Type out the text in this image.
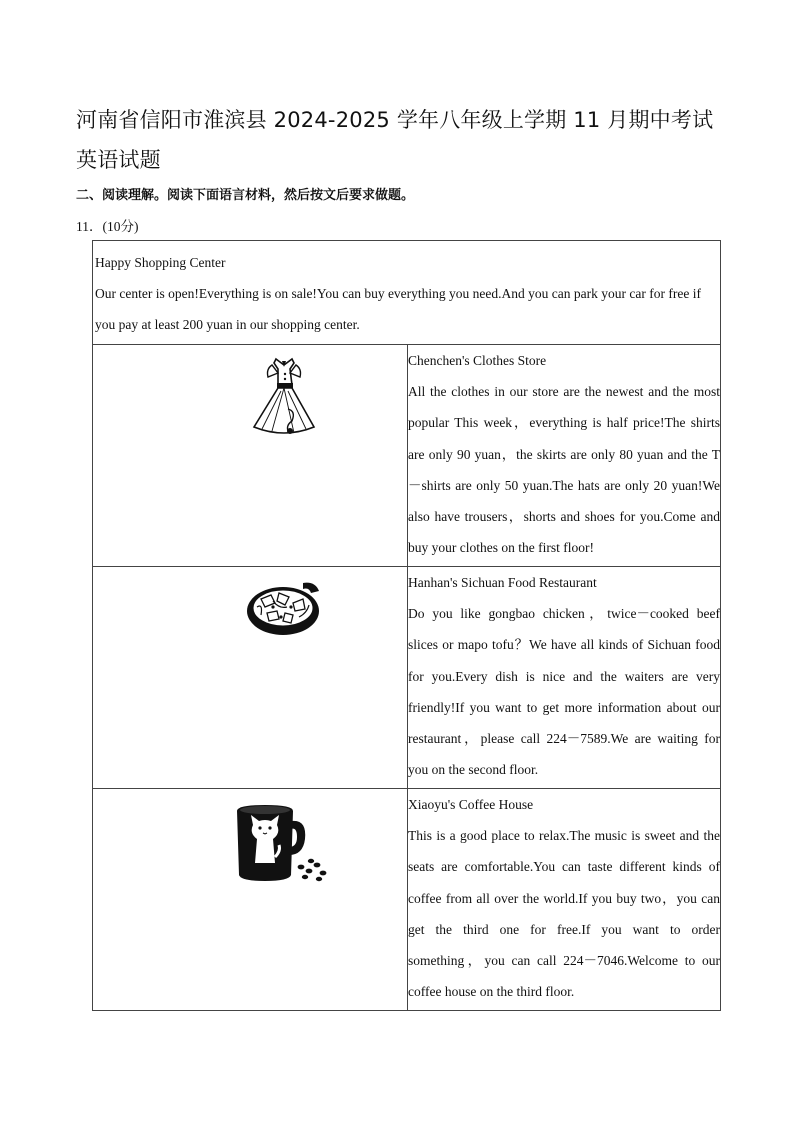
河南省信阳市淮滨县 2024-2025 学年八年级上学期 11 月期中考试英语试题
二、阅读理解。阅读下面语言材料，然后按文后要求做题。
11．(10分)
Happy Shopping Center
Our center is open!Everything is on sale!You can buy everything you need.And you can park your car for free if you pay at least 200 yuan in our shopping center.	

Chenchen's Clothes Store
All the clothes in our store are the newest and the most popular This week，everything is half price!The shirts are only 90 yuan，the skirts are only 80 yuan and the T－shirts are only 50 yuan.The hats are only 20 yuan!We also have trousers，shorts and shoes for you.Come and buy your clothes on the first floor!

Hanhan's Sichuan Food Restaurant
Do you like gongbao chicken，twice－cooked beef slices or mapo tofu？We have all kinds of Sichuan food for you.Every dish is nice and the waiters are very friendly!If you want to get more information about our restaurant，please call 224－7589.We are waiting for you on the second floor.

Xiaoyu's Coffee House
This is a good place to relax.The music is sweet and the seats are comfortable.You can taste different kinds of coffee from all over the world.If you buy two，you can get the third one for free.If you want to order something，you can call 224－7046.Welcome to our coffee house on the third floor.
